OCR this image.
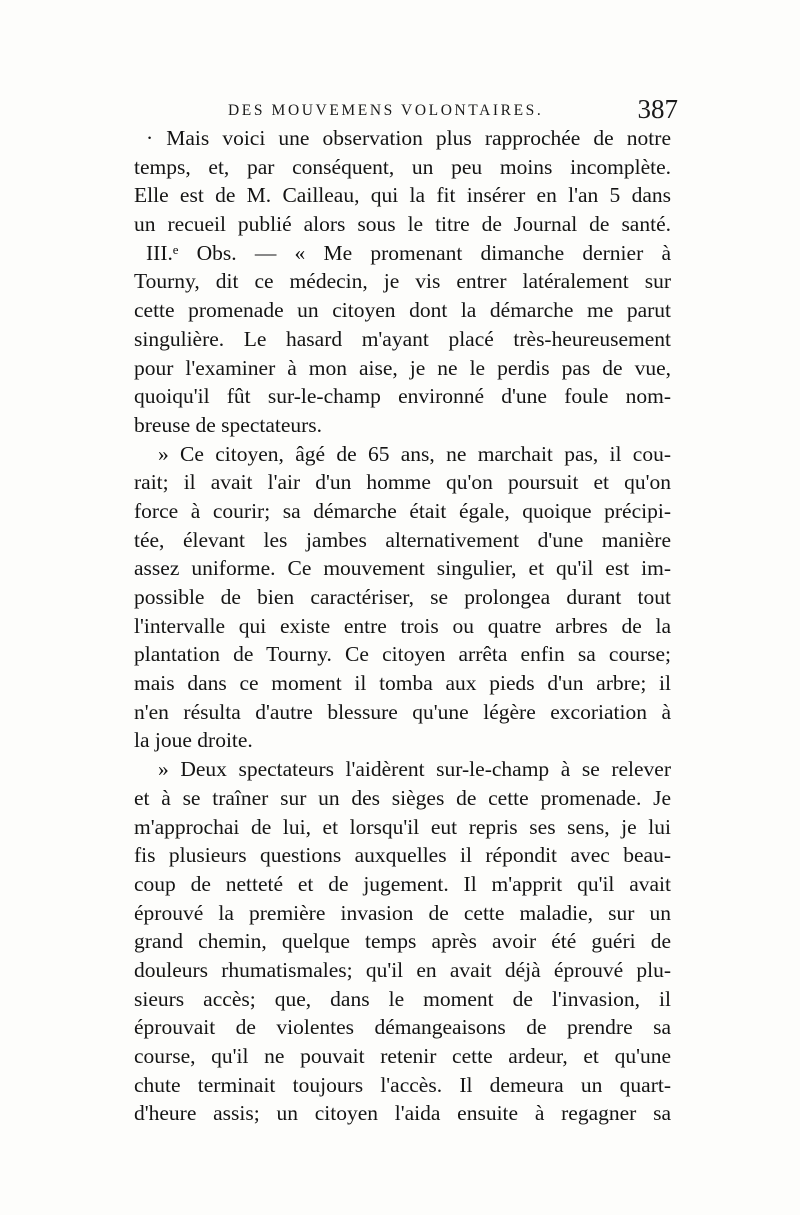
DES MOUVEMENS VOLONTAIRES.	387
· Mais voici une observation plus rapprochée de notre
temps, et, par conséquent, un peu moins incomplète.
Elle est de M. Cailleau, qui la fit insérer en l'an 5 dans
un recueil publié alors sous le titre de Journal de santé.
III.ᵉ Obs. — « Me promenant dimanche dernier à
Tourny, dit ce médecin, je vis entrer latéralement sur
cette promenade un citoyen dont la démarche me parut
singulière. Le hasard m'ayant placé très-heureusement
pour l'examiner à mon aise, je ne le perdis pas de vue,
quoiqu'il fût sur-le-champ environné d'une foule nom-
breuse de spectateurs.
» Ce citoyen, âgé de 65 ans, ne marchait pas, il cou-
rait; il avait l'air d'un homme qu'on poursuit et qu'on
force à courir; sa démarche était égale, quoique précipi-
tée, élevant les jambes alternativement d'une manière
assez uniforme. Ce mouvement singulier, et qu'il est im-
possible de bien caractériser, se prolongea durant tout
l'intervalle qui existe entre trois ou quatre arbres de la
plantation de Tourny. Ce citoyen arrêta enfin sa course;
mais dans ce moment il tomba aux pieds d'un arbre; il
n'en résulta d'autre blessure qu'une légère excoriation à
la joue droite.
» Deux spectateurs l'aidèrent sur-le-champ à se relever
et à se traîner sur un des sièges de cette promenade. Je
m'approchai de lui, et lorsqu'il eut repris ses sens, je lui
fis plusieurs questions auxquelles il répondit avec beau-
coup de netteté et de jugement. Il m'apprit qu'il avait
éprouvé la première invasion de cette maladie, sur un
grand chemin, quelque temps après avoir été guéri de
douleurs rhumatismales; qu'il en avait déjà éprouvé plu-
sieurs accès; que, dans le moment de l'invasion, il
éprouvait de violentes démangeaisons de prendre sa
course, qu'il ne pouvait retenir cette ardeur, et qu'une
chute terminait toujours l'accès. Il demeura un quart-
d'heure assis; un citoyen l'aida ensuite à regagner sa
